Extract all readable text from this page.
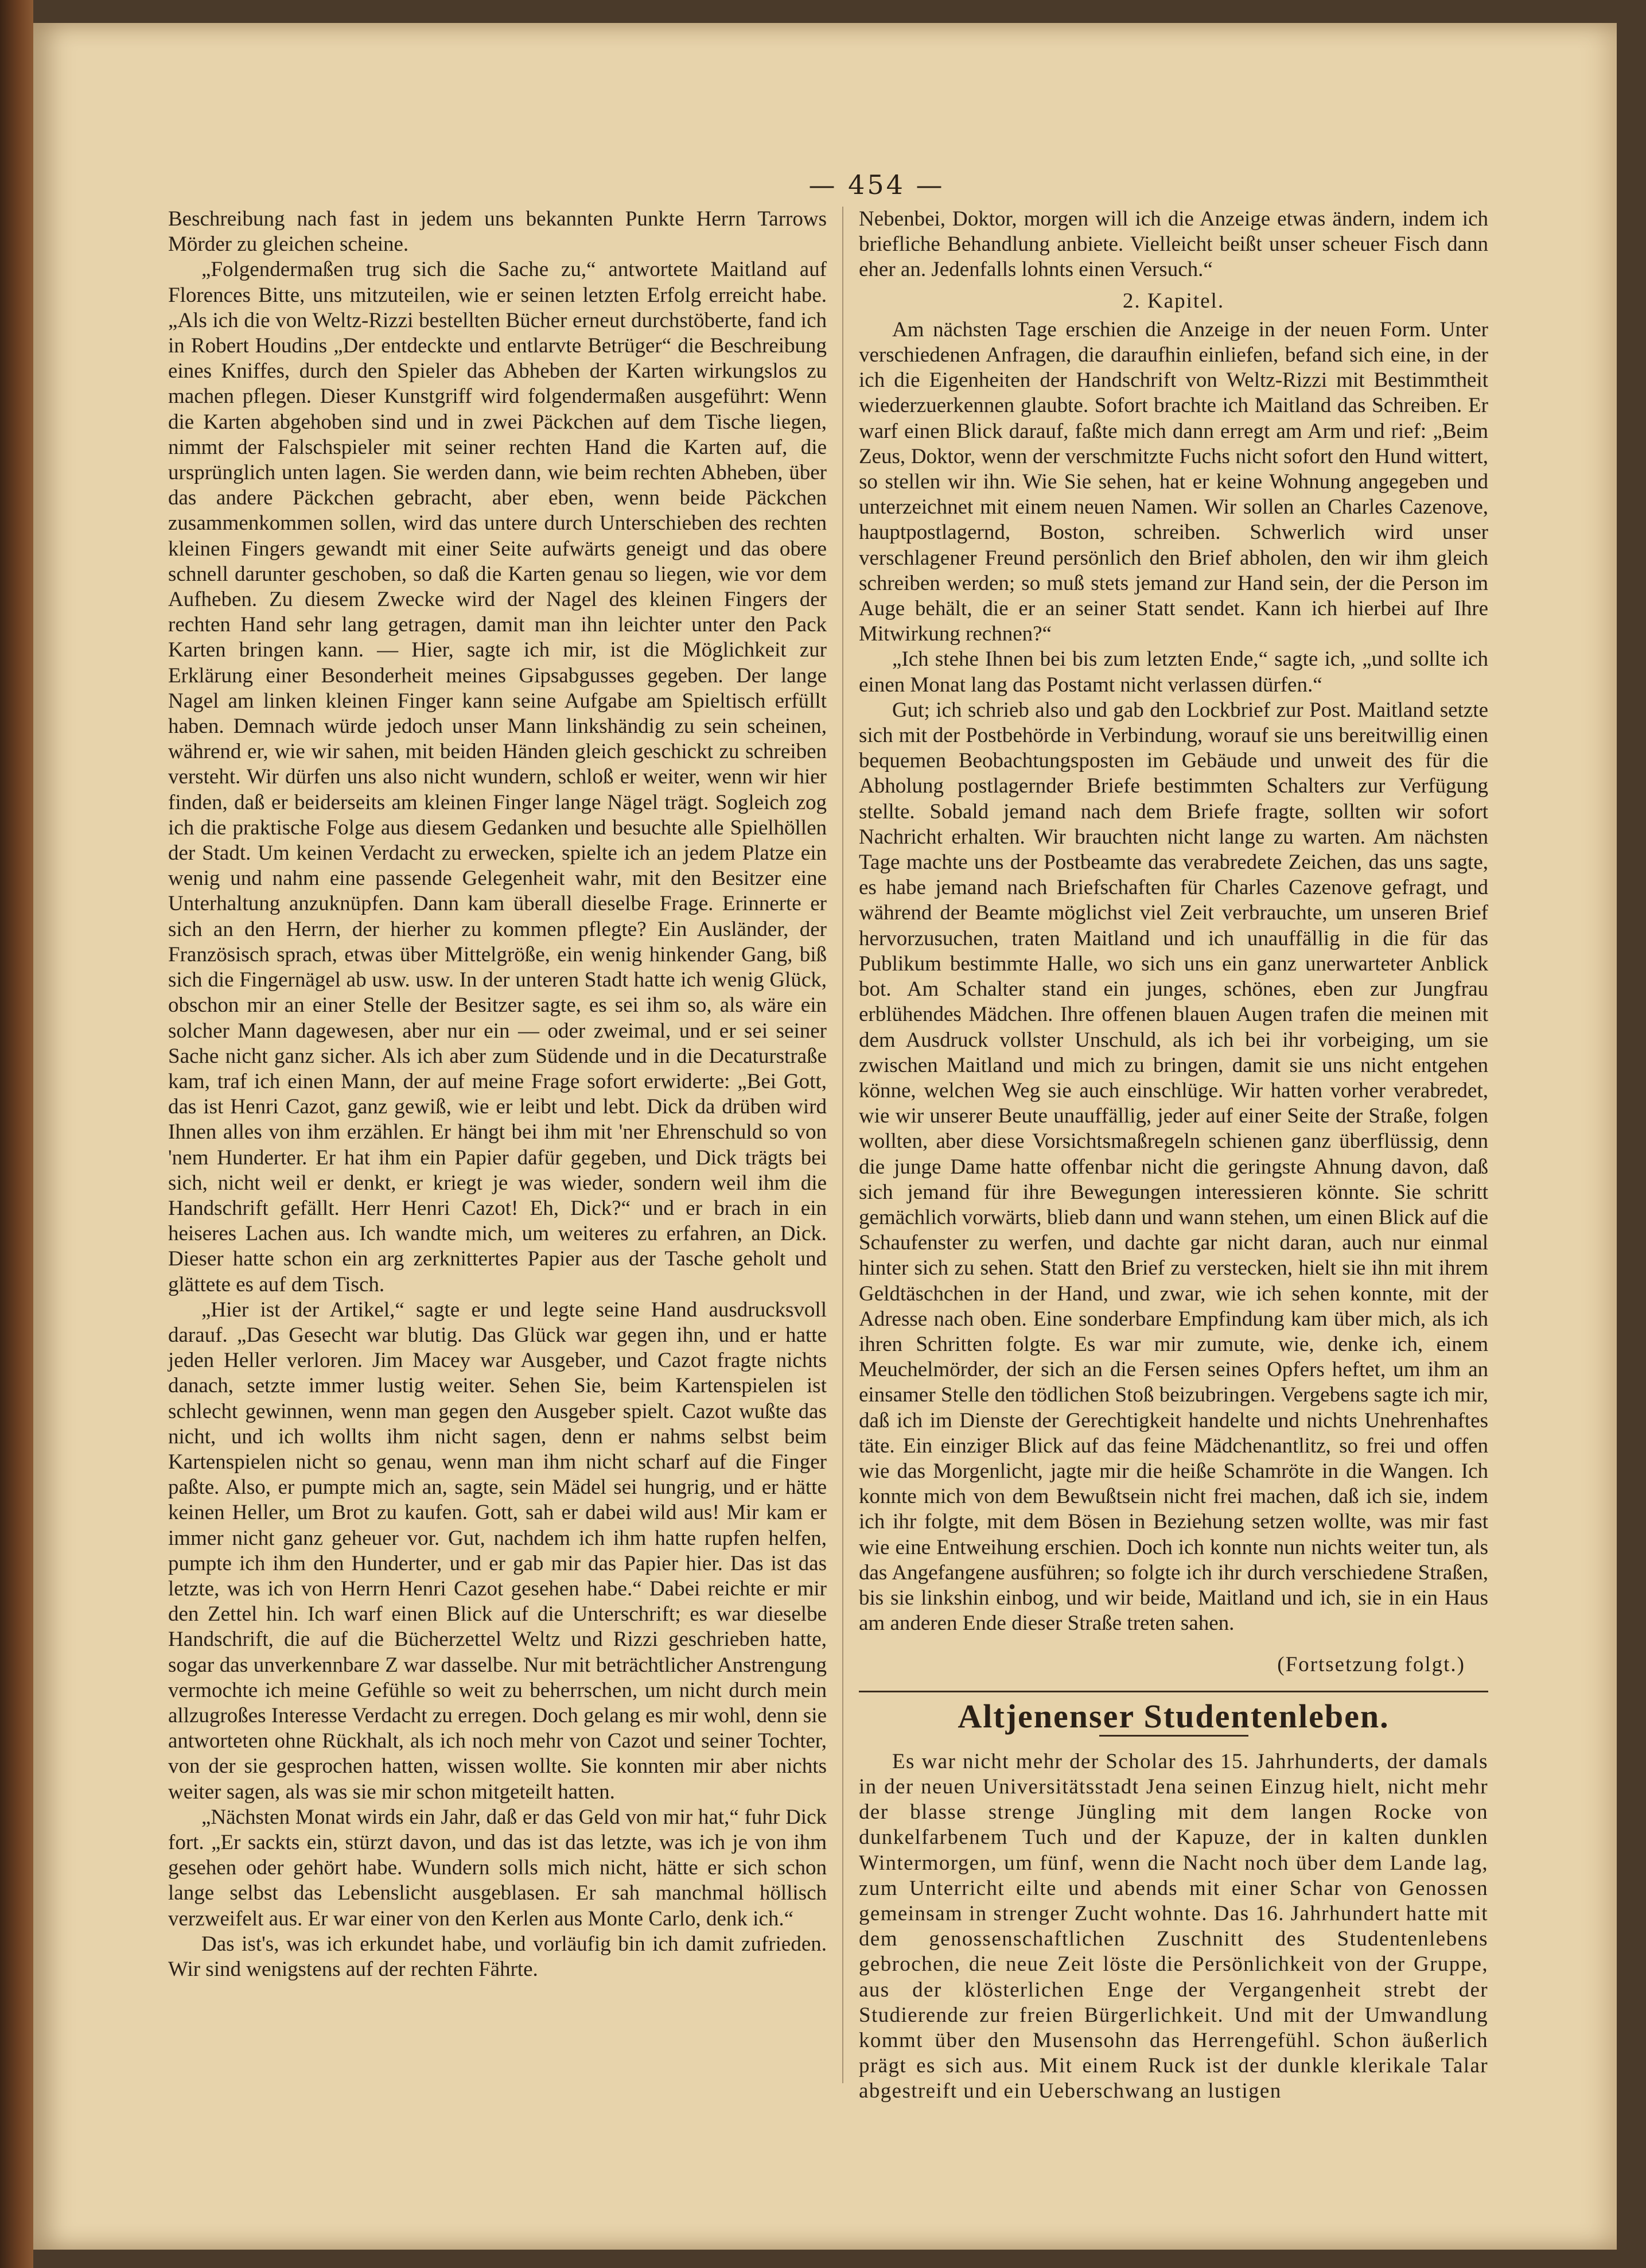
— 454 —

Beschreibung nach fast in jedem uns bekannten Punkte Herrn Tarrows Mörder zu gleichen scheine.

„Folgendermaßen trug sich die Sache zu,“ antwortete Maitland auf Florences Bitte, uns mitzuteilen, wie er seinen letzten Erfolg erreicht habe. „Als ich die von Weltz-Rizzi bestellten Bücher erneut durchstöberte, fand ich in Robert Houdins „Der entdeckte und entlarvte Betrüger“ die Beschreibung eines Kniffes, durch den Spieler das Abheben der Karten wirkungslos zu machen pflegen. Dieser Kunstgriff wird folgendermaßen ausgeführt: Wenn die Karten abgehoben sind und in zwei Päckchen auf dem Tische liegen, nimmt der Falschspieler mit seiner rechten Hand die Karten auf, die ursprünglich unten lagen. Sie werden dann, wie beim rechten Abheben, über das andere Päckchen gebracht, aber eben, wenn beide Päckchen zusammenkommen sollen, wird das untere durch Unterschieben des rechten kleinen Fingers gewandt mit einer Seite aufwärts geneigt und das obere schnell darunter geschoben, so daß die Karten genau so liegen, wie vor dem Aufheben. Zu diesem Zwecke wird der Nagel des kleinen Fingers der rechten Hand sehr lang getragen, damit man ihn leichter unter den Pack Karten bringen kann. — Hier, sagte ich mir, ist die Möglichkeit zur Erklärung einer Besonderheit meines Gipsabgusses gegeben. Der lange Nagel am linken kleinen Finger kann seine Aufgabe am Spieltisch erfüllt haben. Demnach würde jedoch unser Mann linkshändig zu sein scheinen, während er, wie wir sahen, mit beiden Händen gleich geschickt zu schreiben versteht. Wir dürfen uns also nicht wundern, schloß er weiter, wenn wir hier finden, daß er beiderseits am kleinen Finger lange Nägel trägt. Sogleich zog ich die praktische Folge aus diesem Gedanken und besuchte alle Spielhöllen der Stadt. Um keinen Verdacht zu erwecken, spielte ich an jedem Platze ein wenig und nahm eine passende Gelegenheit wahr, mit den Besitzer eine Unterhaltung anzuknüpfen. Dann kam überall dieselbe Frage. Erinnerte er sich an den Herrn, der hierher zu kommen pflegte? Ein Ausländer, der Französisch sprach, etwas über Mittelgröße, ein wenig hinkender Gang, biß sich die Fingernägel ab usw. usw. In der unteren Stadt hatte ich wenig Glück, obschon mir an einer Stelle der Besitzer sagte, es sei ihm so, als wäre ein solcher Mann dagewesen, aber nur ein — oder zweimal, und er sei seiner Sache nicht ganz sicher. Als ich aber zum Südende und in die Decaturstraße kam, traf ich einen Mann, der auf meine Frage sofort erwiderte: „Bei Gott, das ist Henri Cazot, ganz gewiß, wie er leibt und lebt. Dick da drüben wird Ihnen alles von ihm erzählen. Er hängt bei ihm mit 'ner Ehrenschuld so von 'nem Hunderter. Er hat ihm ein Papier dafür gegeben, und Dick trägts bei sich, nicht weil er denkt, er kriegt je was wieder, sondern weil ihm die Handschrift gefällt. Herr Henri Cazot! Eh, Dick?“ und er brach in ein heiseres Lachen aus. Ich wandte mich, um weiteres zu erfahren, an Dick. Dieser hatte schon ein arg zerknittertes Papier aus der Tasche geholt und glättete es auf dem Tisch.

„Hier ist der Artikel,“ sagte er und legte seine Hand ausdrucksvoll darauf. „Das Gesecht war blutig. Das Glück war gegen ihn, und er hatte jeden Heller verloren. Jim Macey war Ausgeber, und Cazot fragte nichts danach, setzte immer lustig weiter. Sehen Sie, beim Kartenspielen ist schlecht gewinnen, wenn man gegen den Ausgeber spielt. Cazot wußte das nicht, und ich wollts ihm nicht sagen, denn er nahms selbst beim Kartenspielen nicht so genau, wenn man ihm nicht scharf auf die Finger paßte. Also, er pumpte mich an, sagte, sein Mädel sei hungrig, und er hätte keinen Heller, um Brot zu kaufen. Gott, sah er dabei wild aus! Mir kam er immer nicht ganz geheuer vor. Gut, nachdem ich ihm hatte rupfen helfen, pumpte ich ihm den Hunderter, und er gab mir das Papier hier. Das ist das letzte, was ich von Herrn Henri Cazot gesehen habe.“ Dabei reichte er mir den Zettel hin. Ich warf einen Blick auf die Unterschrift; es war dieselbe Handschrift, die auf die Bücherzettel Weltz und Rizzi geschrieben hatte, sogar das unverkennbare Z war dasselbe. Nur mit beträchtlicher Anstrengung vermochte ich meine Gefühle so weit zu beherrschen, um nicht durch mein allzugroßes Interesse Verdacht zu erregen. Doch gelang es mir wohl, denn sie antworteten ohne Rückhalt, als ich noch mehr von Cazot und seiner Tochter, von der sie gesprochen hatten, wissen wollte. Sie konnten mir aber nichts weiter sagen, als was sie mir schon mitgeteilt hatten.

„Nächsten Monat wirds ein Jahr, daß er das Geld von mir hat,“ fuhr Dick fort. „Er sackts ein, stürzt davon, und das ist das letzte, was ich je von ihm gesehen oder gehört habe. Wundern solls mich nicht, hätte er sich schon lange selbst das Lebenslicht ausgeblasen. Er sah manchmal höllisch verzweifelt aus. Er war einer von den Kerlen aus Monte Carlo, denk ich.“

Das ist's, was ich erkundet habe, und vorläufig bin ich damit zufrieden. Wir sind wenigstens auf der rechten Fährte.

Nebenbei, Doktor, morgen will ich die Anzeige etwas ändern, indem ich briefliche Behandlung anbiete. Vielleicht beißt unser scheuer Fisch dann eher an. Jedenfalls lohnts einen Versuch.“

2. Kapitel.

Am nächsten Tage erschien die Anzeige in der neuen Form. Unter verschiedenen Anfragen, die daraufhin einliefen, befand sich eine, in der ich die Eigenheiten der Handschrift von Weltz-Rizzi mit Bestimmtheit wiederzuerkennen glaubte. Sofort brachte ich Maitland das Schreiben. Er warf einen Blick darauf, faßte mich dann erregt am Arm und rief: „Beim Zeus, Doktor, wenn der verschmitzte Fuchs nicht sofort den Hund wittert, so stellen wir ihn. Wie Sie sehen, hat er keine Wohnung angegeben und unterzeichnet mit einem neuen Namen. Wir sollen an Charles Cazenove, hauptpostlagernd, Boston, schreiben. Schwerlich wird unser verschlagener Freund persönlich den Brief abholen, den wir ihm gleich schreiben werden; so muß stets jemand zur Hand sein, der die Person im Auge behält, die er an seiner Statt sendet. Kann ich hierbei auf Ihre Mitwirkung rechnen?“

„Ich stehe Ihnen bei bis zum letzten Ende,“ sagte ich, „und sollte ich einen Monat lang das Postamt nicht verlassen dürfen.“

Gut; ich schrieb also und gab den Lockbrief zur Post. Maitland setzte sich mit der Postbehörde in Verbindung, worauf sie uns bereitwillig einen bequemen Beobachtungsposten im Gebäude und unweit des für die Abholung postlagernder Briefe bestimmten Schalters zur Verfügung stellte. Sobald jemand nach dem Briefe fragte, sollten wir sofort Nachricht erhalten. Wir brauchten nicht lange zu warten. Am nächsten Tage machte uns der Postbeamte das verabredete Zeichen, das uns sagte, es habe jemand nach Briefschaften für Charles Cazenove gefragt, und während der Beamte möglichst viel Zeit verbrauchte, um unseren Brief hervorzusuchen, traten Maitland und ich unauffällig in die für das Publikum bestimmte Halle, wo sich uns ein ganz unerwarteter Anblick bot. Am Schalter stand ein junges, schönes, eben zur Jungfrau erblühendes Mädchen. Ihre offenen blauen Augen trafen die meinen mit dem Ausdruck vollster Unschuld, als ich bei ihr vorbeiging, um sie zwischen Maitland und mich zu bringen, damit sie uns nicht entgehen könne, welchen Weg sie auch einschlüge. Wir hatten vorher verabredet, wie wir unserer Beute unauffällig, jeder auf einer Seite der Straße, folgen wollten, aber diese Vorsichtsmaßregeln schienen ganz überflüssig, denn die junge Dame hatte offenbar nicht die geringste Ahnung davon, daß sich jemand für ihre Bewegungen interessieren könnte. Sie schritt gemächlich vorwärts, blieb dann und wann stehen, um einen Blick auf die Schaufenster zu werfen, und dachte gar nicht daran, auch nur einmal hinter sich zu sehen. Statt den Brief zu verstecken, hielt sie ihn mit ihrem Geldtäschchen in der Hand, und zwar, wie ich sehen konnte, mit der Adresse nach oben. Eine sonderbare Empfindung kam über mich, als ich ihren Schritten folgte. Es war mir zumute, wie, denke ich, einem Meuchelmörder, der sich an die Fersen seines Opfers heftet, um ihm an einsamer Stelle den tödlichen Stoß beizubringen. Vergebens sagte ich mir, daß ich im Dienste der Gerechtigkeit handelte und nichts Unehrenhaftes täte. Ein einziger Blick auf das feine Mädchenantlitz, so frei und offen wie das Morgenlicht, jagte mir die heiße Schamröte in die Wangen. Ich konnte mich von dem Bewußtsein nicht frei machen, daß ich sie, indem ich ihr folgte, mit dem Bösen in Beziehung setzen wollte, was mir fast wie eine Entweihung erschien. Doch ich konnte nun nichts weiter tun, als das Angefangene ausführen; so folgte ich ihr durch verschiedene Straßen, bis sie linkshin einbog, und wir beide, Maitland und ich, sie in ein Haus am anderen Ende dieser Straße treten sahen.

(Fortsetzung folgt.)
Altjenenser Studentenleben.

Es war nicht mehr der Scholar des 15. Jahrhunderts, der damals in der neuen Universitätsstadt Jena seinen Einzug hielt, nicht mehr der blasse strenge Jüngling mit dem langen Rocke von dunkelfarbenem Tuch und der Kapuze, der in kalten dunklen Wintermorgen, um fünf, wenn die Nacht noch über dem Lande lag, zum Unterricht eilte und abends mit einer Schar von Genossen gemeinsam in strenger Zucht wohnte. Das 16. Jahrhundert hatte mit dem genossenschaftlichen Zuschnitt des Studentenlebens gebrochen, die neue Zeit löste die Persönlichkeit von der Gruppe, aus der klösterlichen Enge der Vergangenheit strebt der Studierende zur freien Bürgerlichkeit. Und mit der Umwandlung kommt über den Musensohn das Herrengefühl. Schon äußerlich prägt es sich aus. Mit einem Ruck ist der dunkle klerikale Talar abgestreift und ein Ueberschwang an lustigen
